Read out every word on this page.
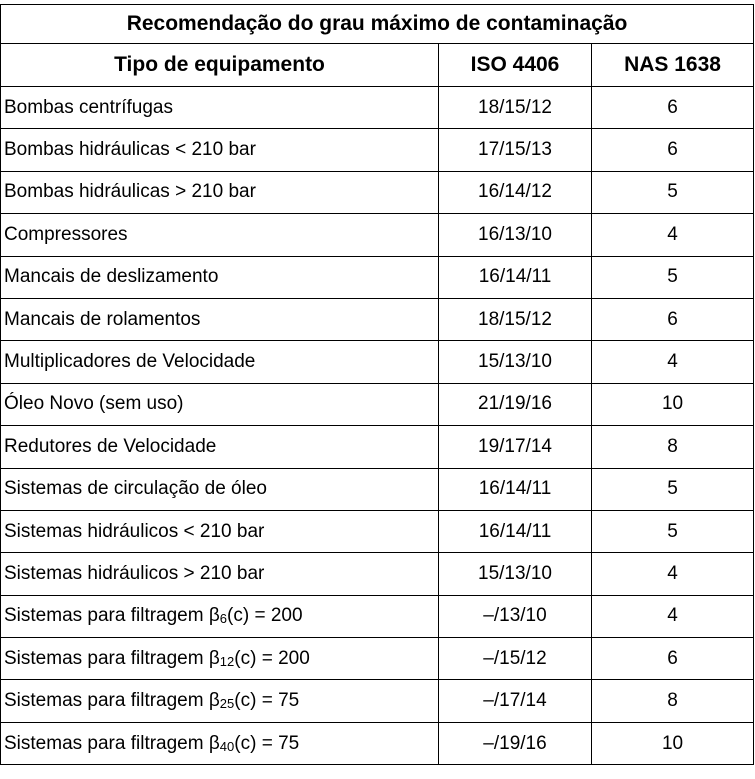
Recomendação do grau máximo de contaminação		
Tipo de equipamento	ISO 4406	NAS 1638
Bombas centrífugas	18/15/12	6
Bombas hidráulicas < 210 bar	17/15/13	6
Bombas hidráulicas > 210 bar	16/14/12	5
Compressores	16/13/10	4
Mancais de deslizamento	16/14/11	5
Mancais de rolamentos	18/15/12	6
Multiplicadores de Velocidade	15/13/10	4
Óleo Novo (sem uso)	21/19/16	10
Redutores de Velocidade	19/17/14	8
Sistemas de circulação de óleo	16/14/11	5
Sistemas hidráulicos < 210 bar	16/14/11	5
Sistemas hidráulicos > 210 bar	15/13/10	4
Sistemas para filtragem $\beta_6(c) = 200$	–/13/10	4
Sistemas para filtragem $\beta_{12}(c) = 200$	–/15/12	6
Sistemas para filtragem $\beta_{25}(c) = 75$	–/17/14	8
Sistemas para filtragem $\beta_{40}(c) = 75$	–/19/16	10
